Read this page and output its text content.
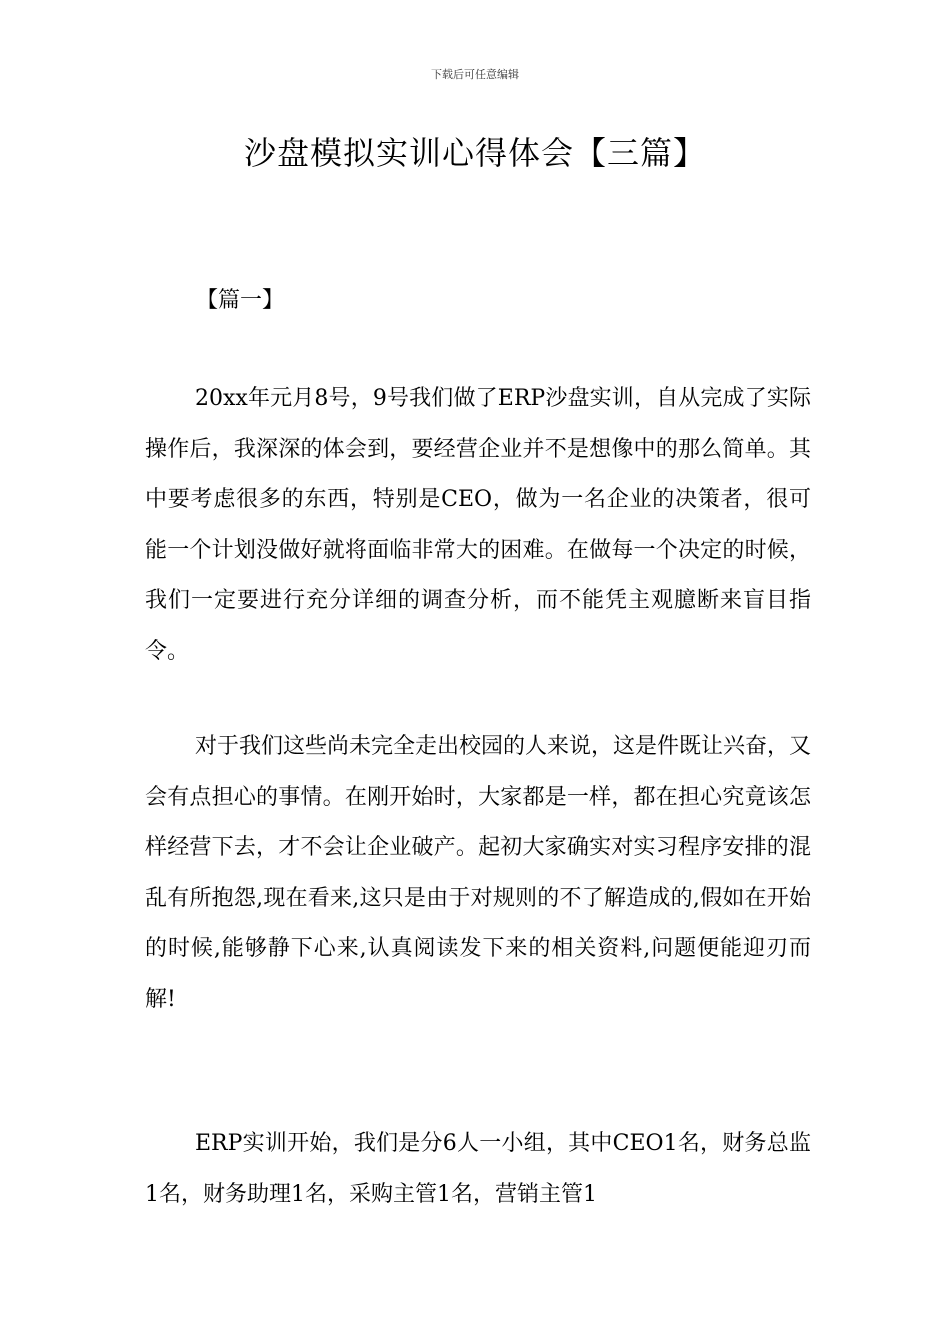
下载后可任意编辑
沙盘模拟实训心得体会【三篇】
【篇一】

20xx年元月8号，9号我们做了ERP沙盘实训，自从完成了实际操作后，我深深的体会到，要经营企业并不是想像中的那么简单。其中要考虑很多的东西，特别是CEO，做为一名企业的决策者，很可能一个计划没做好就将面临非常大的困难。在做每一个决定的时候，我们一定要进行充分详细的调查分析，而不能凭主观臆断来盲目指令。

对于我们这些尚未完全走出校园的人来说，这是件既让兴奋，又会有点担心的事情。在刚开始时，大家都是一样，都在担心究竟该怎样经营下去，才不会让企业破产。起初大家确实对实习程序安排的混乱有所抱怨,现在看来,这只是由于对规则的不了解造成的,假如在开始的时候,能够静下心来,认真阅读发下来的相关资料,问题便能迎刃而解!

ERP实训开始，我们是分6人一小组，其中CEO1名，财务总监1名，财务助理1名，采购主管1名，营销主管1
